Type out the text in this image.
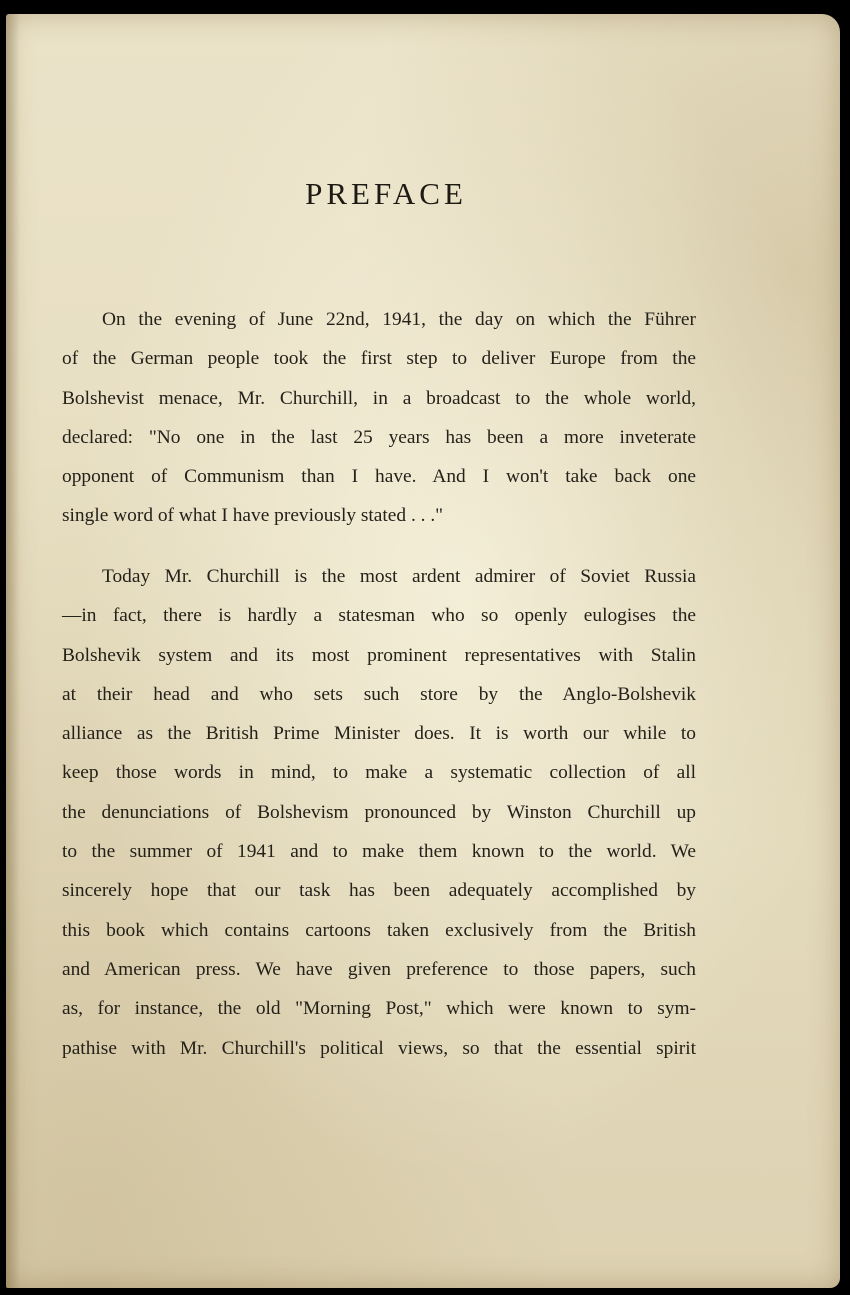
PREFACE
On the evening of June 22nd, 1941, the day on which the Führer
of the German people took the first step to deliver Europe from the
Bolshevist menace, Mr. Churchill, in a broadcast to the whole world,
declared: "No one in the last 25 years has been a more inveterate
opponent of Communism than I have. And I won't take back one
single word of what I have previously stated . . ."
Today Mr. Churchill is the most ardent admirer of Soviet Russia
—in fact, there is hardly a statesman who so openly eulogises the
Bolshevik system and its most prominent representatives with Stalin
at their head and who sets such store by the Anglo-Bolshevik
alliance as the British Prime Minister does. It is worth our while to
keep those words in mind, to make a systematic collection of all
the denunciations of Bolshevism pronounced by Winston Churchill up
to the summer of 1941 and to make them known to the world. We
sincerely hope that our task has been adequately accomplished by
this book which contains cartoons taken exclusively from the British
and American press. We have given preference to those papers, such
as, for instance, the old "Morning Post," which were known to sym-
pathise with Mr. Churchill's political views, so that the essential spirit
